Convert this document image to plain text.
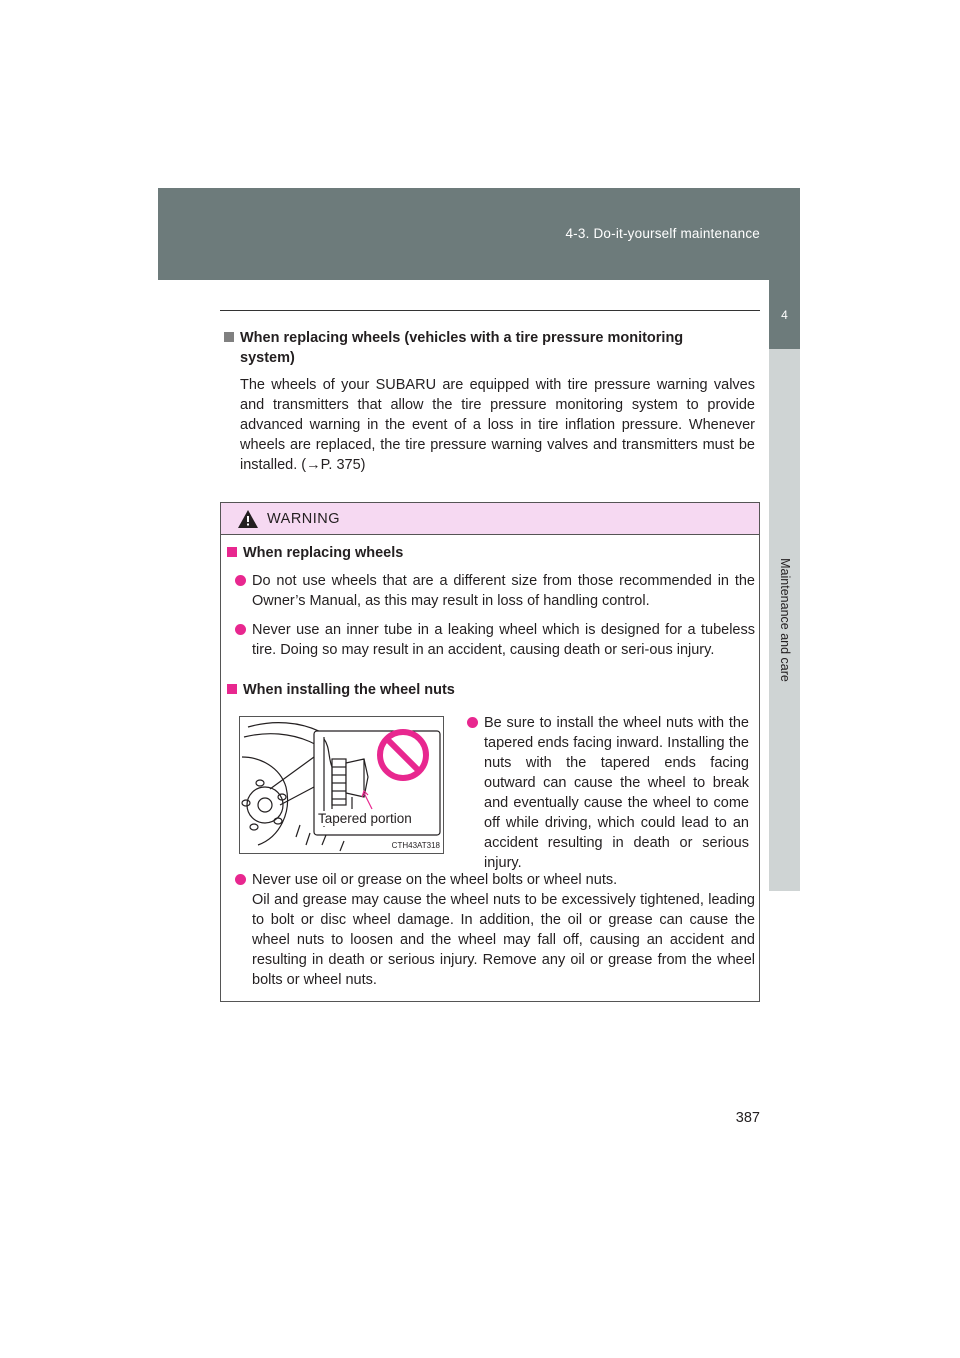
4-3. Do-it-yourself maintenance
4
Maintenance and care
When replacing wheels (vehicles with a tire pressure monitoring
system)
The wheels of your SUBARU are equipped with tire pressure warning valves and transmitters that allow the tire pressure monitoring system to provide advanced warning in the event of a loss in tire inflation pressure. Whenever wheels are replaced, the tire pressure warning valves and transmitters must be installed. (→P. 375)
WARNING
When replacing wheels
Do not use wheels that are a different size from those recommended in the Owner’s Manual, as this may result in loss of handling control.
Never use an inner tube in a leaking wheel which is designed for a tubeless tire. Doing so may result in an accident, causing death or seri-ous injury.
When installing the wheel nuts
Tapered portion
CTH43AT318
Be sure to install the wheel nuts with the tapered ends facing inward. Installing the nuts with the tapered ends facing outward can cause the wheel to break and eventually cause the wheel to come off while driving, which could lead to an accident resulting in death or serious injury.
Never use oil or grease on the wheel bolts or wheel nuts.
Oil and grease may cause the wheel nuts to be excessively tightened, leading to bolt or disc wheel damage. In addition, the oil or grease can cause the wheel nuts to loosen and the wheel may fall off, causing an accident and resulting in death or serious injury. Remove any oil or grease from the wheel bolts or wheel nuts.
387
